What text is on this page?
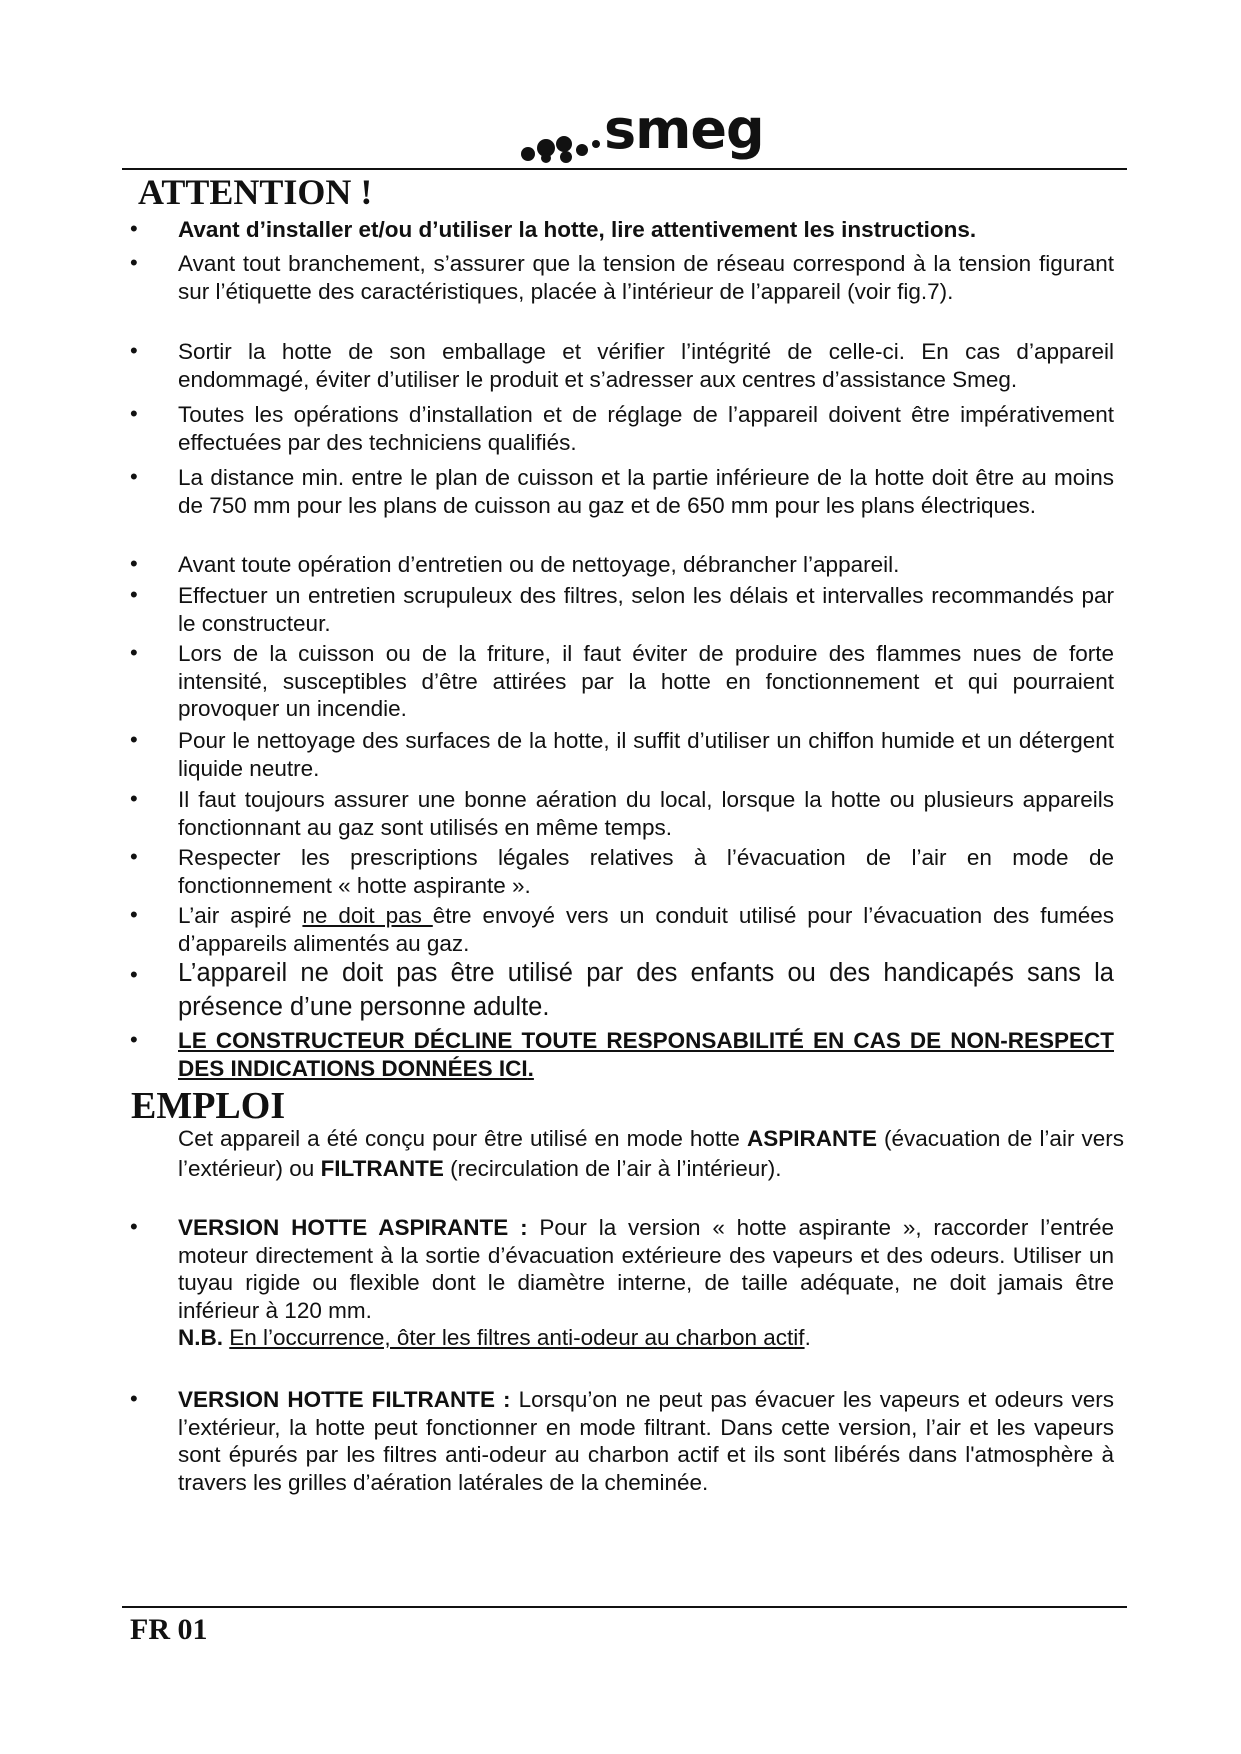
smeg
ATTENTION !
• Avant d’installer et/ou d’utiliser la hotte, lire attentivement les instructions.
• Avant tout branchement, s’assurer que la tension de réseau correspond à la tension figurant sur l’étiquette des caractéristiques, placée à l’intérieur de l’appareil (voir fig.7).
• Sortir la hotte de son emballage et vérifier l’intégrité de celle-ci. En cas d’appareil endommagé, éviter d’utiliser le produit et s’adresser aux centres d’assistance Smeg.
• Toutes les opérations d’installation et de réglage de l’appareil doivent être impérativement effectuées par des techniciens qualifiés.
• La distance min. entre le plan de cuisson et la partie inférieure de la hotte doit être au moins de 750 mm pour les plans de cuisson au gaz et de 650 mm pour les plans électriques.
• Avant toute opération d’entretien ou de nettoyage, débrancher l’appareil.
• Effectuer un entretien scrupuleux des filtres, selon les délais et intervalles recommandés par le constructeur.
• Lors de la cuisson ou de la friture, il faut éviter de produire des flammes nues de forte intensité, susceptibles d’être attirées par la hotte en fonctionnement et qui pourraient provoquer un incendie.
• Pour le nettoyage des surfaces de la hotte, il suffit d’utiliser un chiffon humide et un détergent liquide neutre.
• Il faut toujours assurer une bonne aération du local, lorsque la hotte ou plusieurs appareils fonctionnant au gaz sont utilisés en même temps.
• Respecter les prescriptions légales relatives à l’évacuation de l’air en mode de fonctionnement « hotte aspirante ».
• L’air aspiré ne doit pas être envoyé vers un conduit utilisé pour l’évacuation des fumées d’appareils alimentés au gaz.
• L’appareil ne doit pas être utilisé par des enfants ou des handicapés sans la présence d’une personne adulte.
• LE CONSTRUCTEUR DÉCLINE TOUTE RESPONSABILITÉ EN CAS DE NON-RESPECT DES INDICATIONS DONNÉES ICI.
EMPLOI
Cet appareil a été conçu pour être utilisé en mode hotte ASPIRANTE (évacuation de l’air vers l’extérieur) ou FILTRANTE (recirculation de l’air à l’intérieur).
• VERSION HOTTE ASPIRANTE : Pour la version « hotte aspirante », raccorder l’entrée moteur directement à la sortie d’évacuation extérieure des vapeurs et des odeurs. Utiliser un tuyau rigide ou flexible dont le diamètre interne, de taille adéquate, ne doit jamais être inférieur à 120 mm.
N.B. En l’occurrence, ôter les filtres anti-odeur au charbon actif.
• VERSION HOTTE FILTRANTE : Lorsqu’on ne peut pas évacuer les vapeurs et odeurs vers l’extérieur, la hotte peut fonctionner en mode filtrant. Dans cette version, l’air et les vapeurs sont épurés par les filtres anti-odeur au charbon actif et ils sont libérés dans l'atmosphère à travers les grilles d’aération latérales de la cheminée.
FR 01
